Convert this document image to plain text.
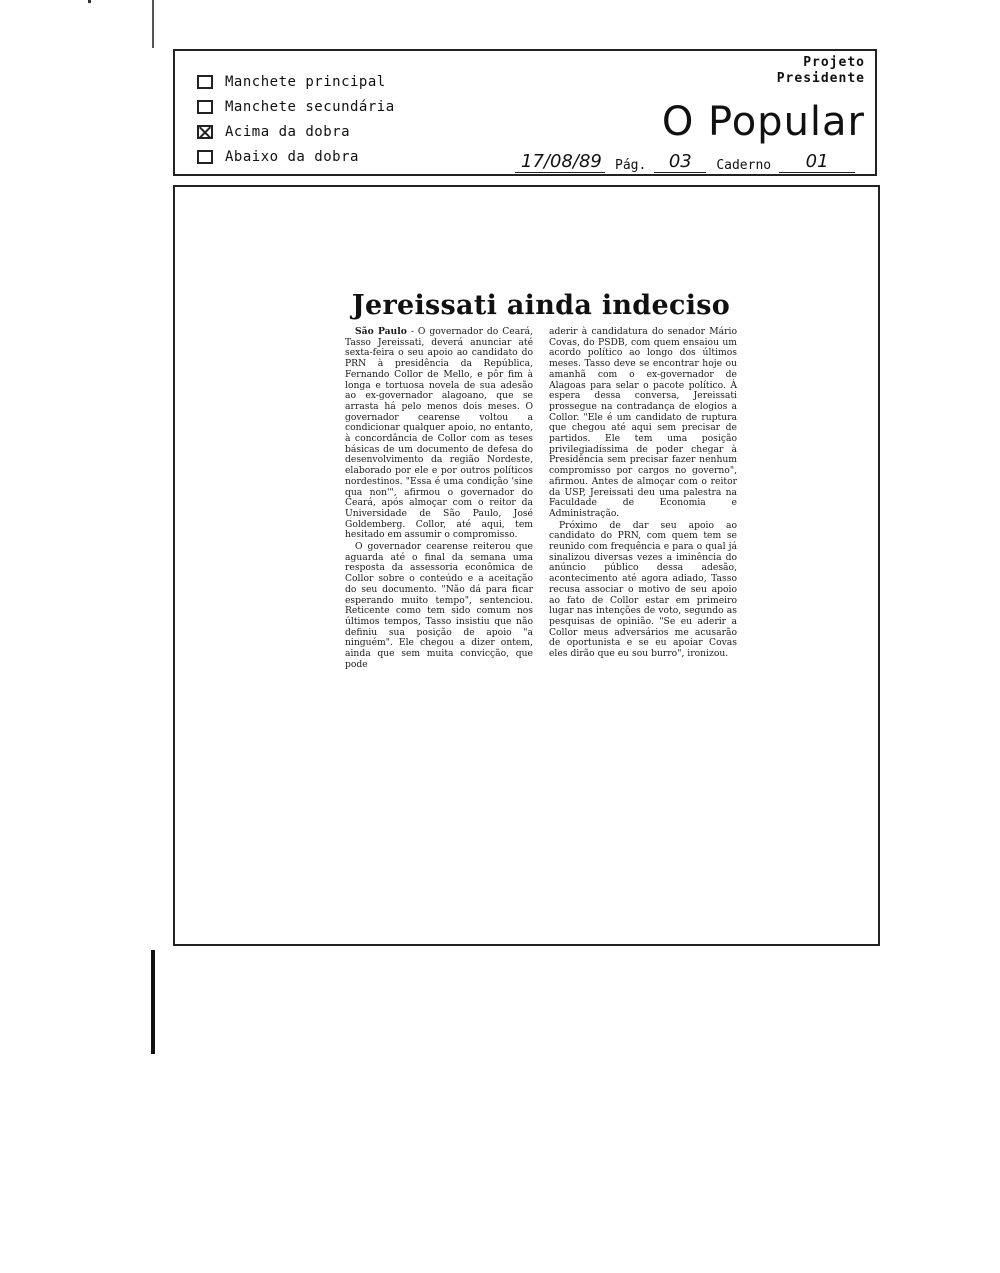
Manchete principal
Manchete secundária
Acima da dobra
Abaixo da dobra
Projeto
Presidente
O Popular
17/08/89 Pág.	03	Caderno	01
Jereissati ainda indeciso

São Paulo - O governador do Ceará, Tasso Jereissati, deverá anunciar até sexta-feira o seu apoio ao candidato do PRN à presidência da República, Fernando Collor de Mello, e pôr fim à longa e tortuosa novela de sua adesão ao ex-governador alagoano, que se arrasta há pelo menos dois meses. O governador cearense voltou a condicionar qualquer apoio, no entanto, à concordância de Collor com as teses básicas de um documento de defesa do desenvolvimento da região Nordeste, elaborado por ele e por outros políticos nordestinos. "Essa é uma condição 'sine qua non'", afirmou o governador do Ceará, após almoçar com o reitor da Universidade de São Paulo, José Goldemberg. Collor, até aqui, tem hesitado em assumir o compromisso.

O governador cearense reiterou que aguarda até o final da semana uma resposta da assessoria econômica de Collor sobre o conteúdo e a aceitação do seu documento. "Não dá para ficar esperando muito tempo", sentenciou. Reticente como tem sido comum nos últimos tempos, Tasso insistiu que não definiu sua posição de apoio "a ninguém". Ele chegou a dizer ontem, ainda que sem muita convicção, que pode

aderir à candidatura do senador Mário Covas, do PSDB, com quem ensaiou um acordo político ao longo dos últimos meses. Tasso deve se encontrar hoje ou amanhã com o ex-governador de Alagoas para selar o pacote político. À espera dessa conversa, Jereissati prossegue na contradança de elogios a Collor. "Ele é um candidato de ruptura que chegou até aqui sem precisar de partidos. Ele tem uma posição privilegiadíssima de poder chegar à Presidência sem precisar fazer nenhum compromisso por cargos no governo", afirmou. Antes de almoçar com o reitor da USP, Jereissati deu uma palestra na Faculdade de Economia e Administração.

Próximo de dar seu apoio ao candidato do PRN, com quem tem se reunido com frequência e para o qual já sinalizou diversas vezes a iminência do anúncio público dessa adesão, acontecimento até agora adiado, Tasso recusa associar o motivo de seu apoio ao fato de Collor estar em primeiro lugar nas intenções de voto, segundo as pesquisas de opinião. "Se eu aderir a Collor meus adversários me acusarão de oportunista e se eu apoiar Covas eles dirão que eu sou burro", ironizou.
